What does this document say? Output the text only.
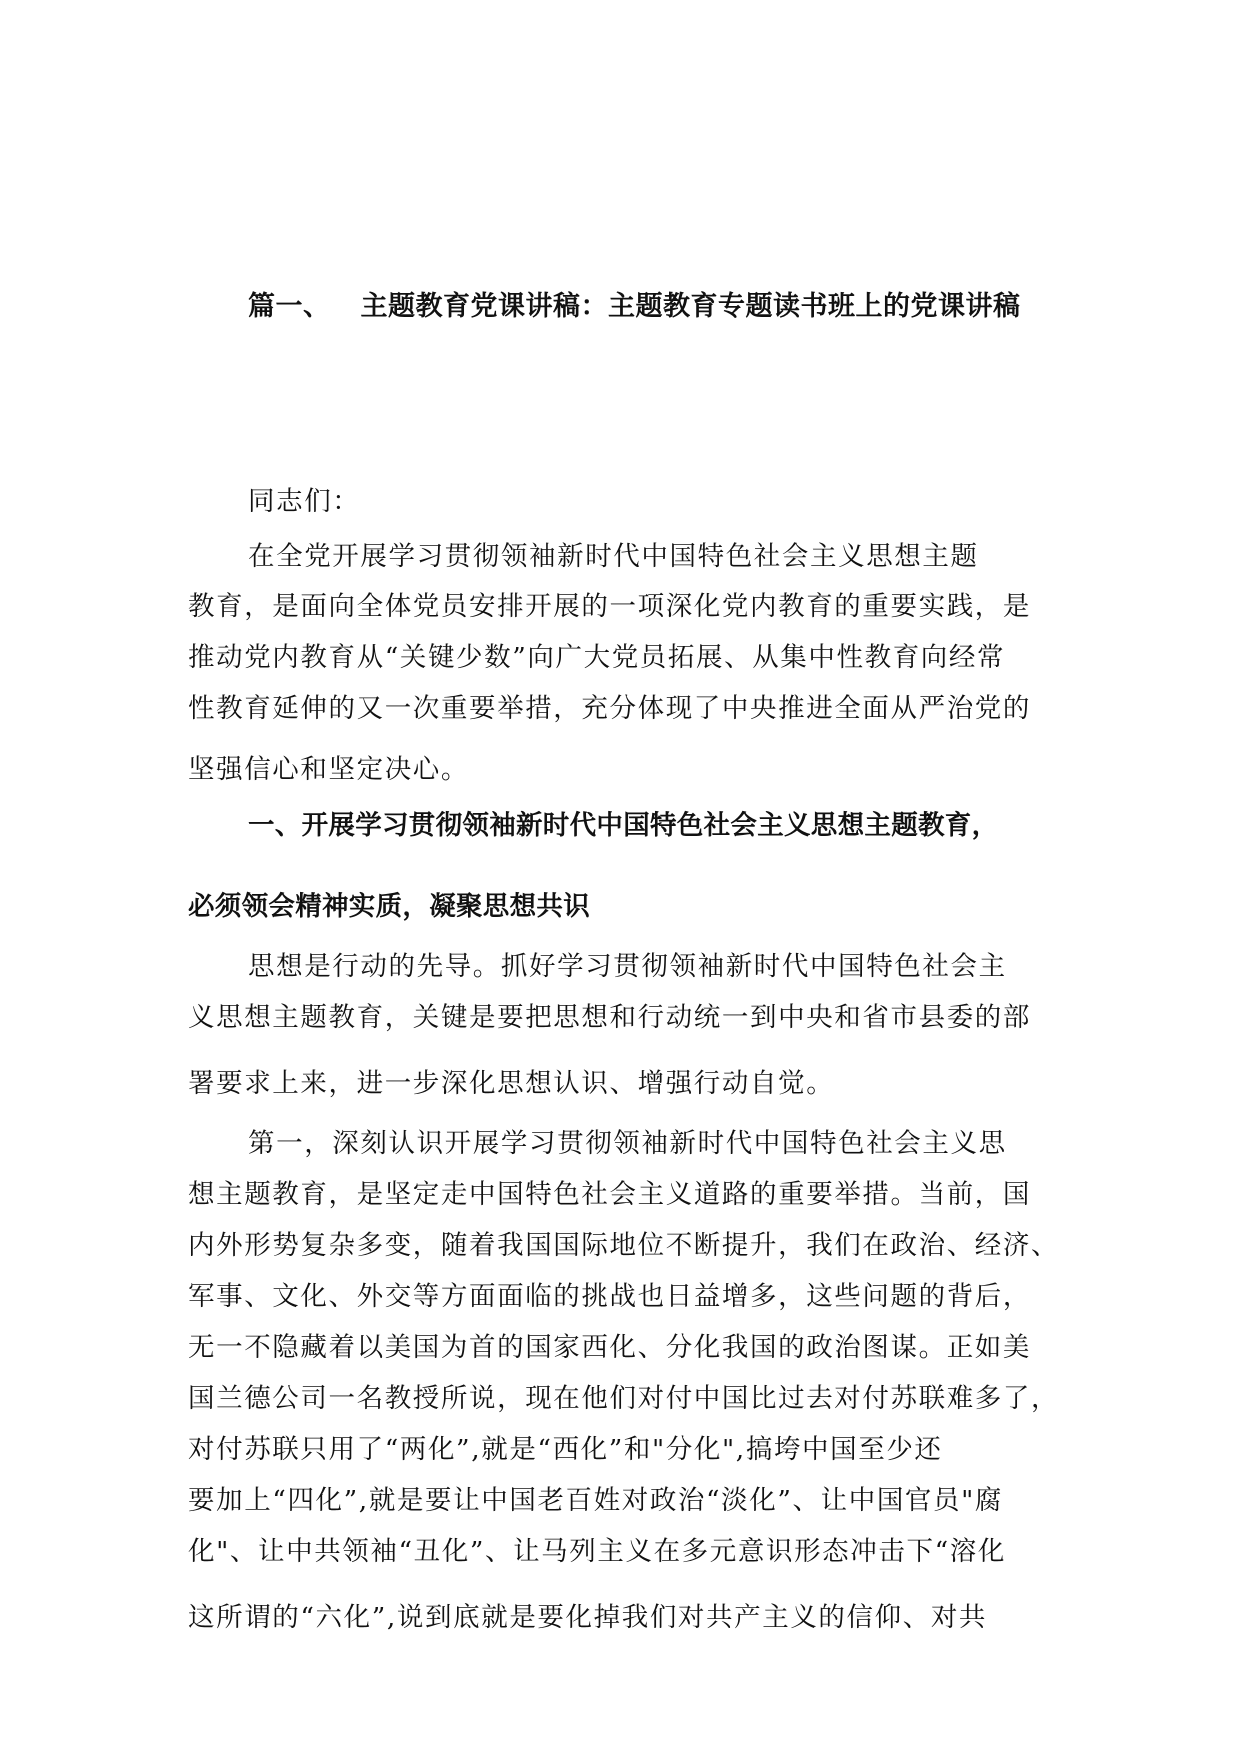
篇一、 主题教育党课讲稿：主题教育专题读书班上的党课讲稿
同志们：
在全党开展学习贯彻领袖新时代中国特色社会主义思想主题
教育，是面向全体党员安排开展的一项深化党内教育的重要实践，是
推动党内教育从“关键少数”向广大党员拓展、从集中性教育向经常
性教育延伸的又一次重要举措，充分体现了中央推进全面从严治党的
坚强信心和坚定决心。
一、开展学习贯彻领袖新时代中国特色社会主义思想主题教育，
必须领会精神实质，凝聚思想共识
思想是行动的先导。抓好学习贯彻领袖新时代中国特色社会主
义思想主题教育，关键是要把思想和行动统一到中央和省市县委的部
署要求上来，进一步深化思想认识、增强行动自觉。
第一，深刻认识开展学习贯彻领袖新时代中国特色社会主义思
想主题教育，是坚定走中国特色社会主义道路的重要举措。当前，国
内外形势复杂多变，随着我国国际地位不断提升，我们在政治、经济、
军事、文化、外交等方面面临的挑战也日益增多，这些问题的背后，
无一不隐藏着以美国为首的国家西化、分化我国的政治图谋。正如美
国兰德公司一名教授所说，现在他们对付中国比过去对付苏联难多了，
对付苏联只用了“两化”,就是“西化”和"分化",搞垮中国至少还
要加上“四化”,就是要让中国老百姓对政治“淡化”、让中国官员"腐
化"、让中共领袖“丑化”、让马列主义在多元意识形态冲击下“溶化
这所谓的“六化”,说到底就是要化掉我们对共产主义的信仰、对共
